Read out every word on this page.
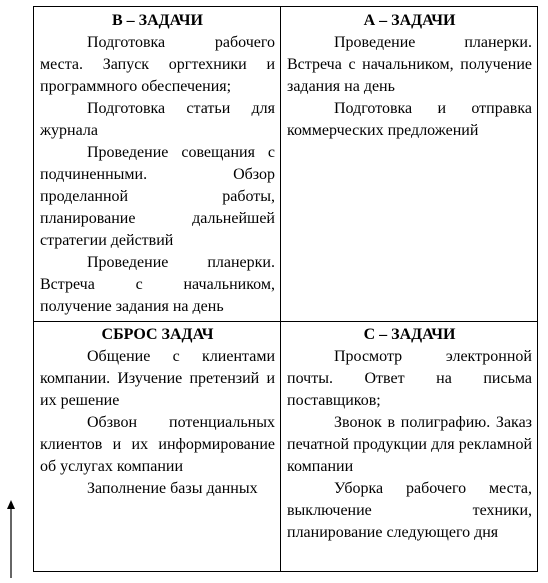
В – ЗАДАЧИ

Подготовка рабочего места. Запуск оргтехники и программного обеспечения;

Подготовка статьи для журнала

Проведение совещания с подчиненными. Обзор проделанной работы, планирование дальнейшей стратегии действий

Проведение планерки. Встреча с начальником, получение задания на день

А – ЗАДАЧИ

Проведение планерки. Встреча с начальником, получение задания на день

Подготовка и отправка коммерческих предложений

СБРОС ЗАДАЧ

Общение с клиентами компании. Изучение претензий и их решение

Обзвон потенциальных клиентов и их информирование об услугах компании

Заполнение базы данных

С – ЗАДАЧИ

Просмотр электронной почты. Ответ на письма поставщиков;

Звонок в полиграфию. Заказ печатной продукции для рекламной компании

Уборка рабочего места, выключение техники, планирование следующего дня
